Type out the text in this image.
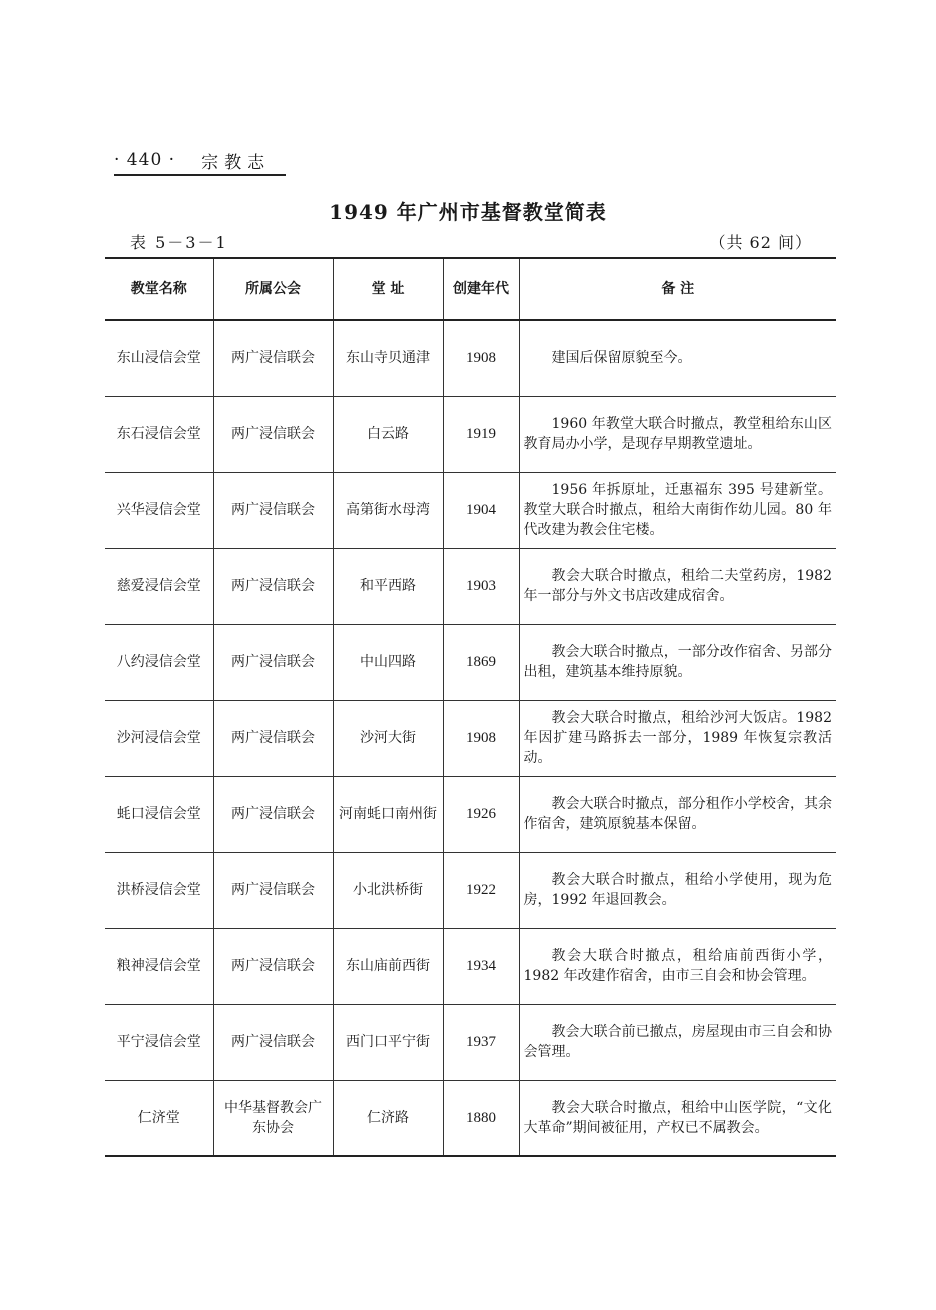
· 440 · 宗教志
1949 年广州市基督教堂简表
表 5－3－1	（共 62 间）
教堂名称	所属公会	堂 址	创建年代	备 注
东山浸信会堂	两广浸信联会	东山寺贝通津	1908	建国后保留原貌至今。
东石浸信会堂	两广浸信联会	白云路	1919	1960 年教堂大联合时撤点，教堂租给东山区教育局办小学，是现存早期教堂遗址。
兴华浸信会堂	两广浸信联会	高第街水母湾	1904	1956 年拆原址，迁惠福东 395 号建新堂。教堂大联合时撤点，租给大南街作幼儿园。80 年代改建为教会住宅楼。
慈爱浸信会堂	两广浸信联会	和平西路	1903	教会大联合时撤点，租给二夫堂药房，1982 年一部分与外文书店改建成宿舍。
八约浸信会堂	两广浸信联会	中山四路	1869	教会大联合时撤点，一部分改作宿舍、另部分出租，建筑基本维持原貌。
沙河浸信会堂	两广浸信联会	沙河大街	1908	教会大联合时撤点，租给沙河大饭店。1982 年因扩建马路拆去一部分，1989 年恢复宗教活动。
蚝口浸信会堂	两广浸信联会	河南蚝口南州街	1926	教会大联合时撤点，部分租作小学校舍，其余作宿舍，建筑原貌基本保留。
洪桥浸信会堂	两广浸信联会	小北洪桥街	1922	教会大联合时撤点，租给小学使用，现为危房，1992 年退回教会。
粮神浸信会堂	两广浸信联会	东山庙前西街	1934	教会大联合时撤点，租给庙前西街小学，1982 年改建作宿舍，由市三自会和协会管理。
平宁浸信会堂	两广浸信联会	西门口平宁街	1937	教会大联合前已撤点，房屋现由市三自会和协会管理。
仁济堂	中华基督教会广东协会	仁济路	1880	教会大联合时撤点，租给中山医学院，“文化大革命”期间被征用，产权已不属教会。
